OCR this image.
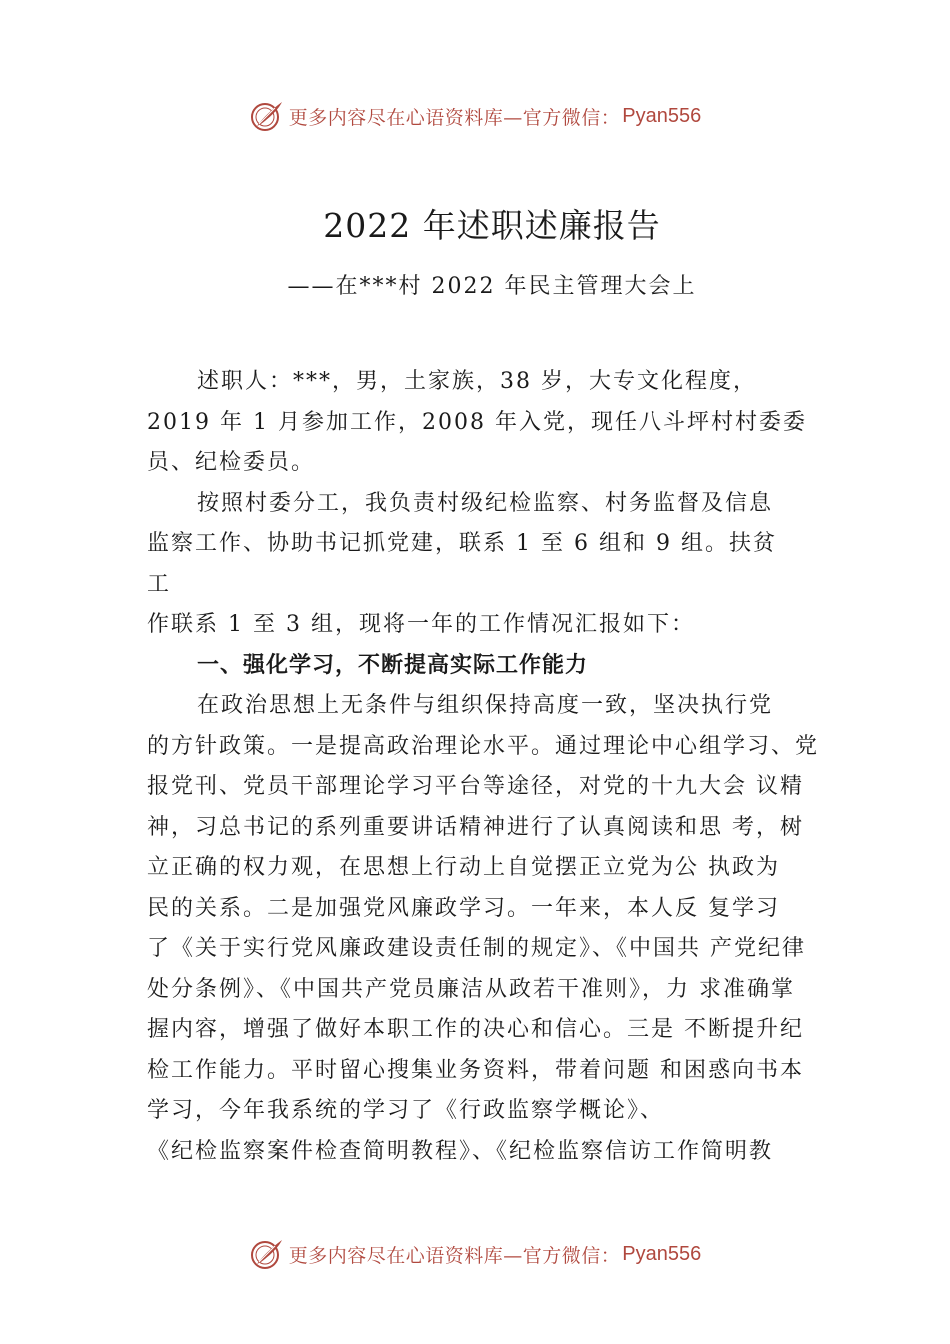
更多内容尽在心语资料库—官方微信： Pyan556
2022 年述职述廉报告

——在***村 2022 年民主管理大会上

述职人：***，男，土家族，38 岁，大专文化程度，
2019 年 1 月参加工作，2008 年入党，现任八斗坪村村委委
员、纪检委员。

按照村委分工，我负责村级纪检监察、村务监督及信息
监察工作、协助书记抓党建，联系 1 至 6 组和 9 组。扶贫
工
作联系 1 至 3 组，现将一年的工作情况汇报如下：

一、强化学习，不断提高实际工作能力

在政治思想上无条件与组织保持高度一致，坚决执行党
的方针政策。一是提高政治理论水平。通过理论中心组学习、党
报党刊、党员干部理论学习平台等途径，对党的十九大会 议精
神，习总书记的系列重要讲话精神进行了认真阅读和思 考，树
立正确的权力观，在思想上行动上自觉摆正立党为公 执政为
民的关系。二是加强党风廉政学习。一年来，本人反 复学习
了《关于实行党风廉政建设责任制的规定》、《中国共 产党纪律
处分条例》、《中国共产党员廉洁从政若干准则》，力 求准确掌
握内容，增强了做好本职工作的决心和信心。三是 不断提升纪
检工作能力。平时留心搜集业务资料，带着问题 和困惑向书本
学习，今年我系统的学习了《行政监察学概论》、
《纪检监察案件检查简明教程》、《纪检监察信访工作简明教

更多内容尽在心语资料库—官方微信： Pyan556
